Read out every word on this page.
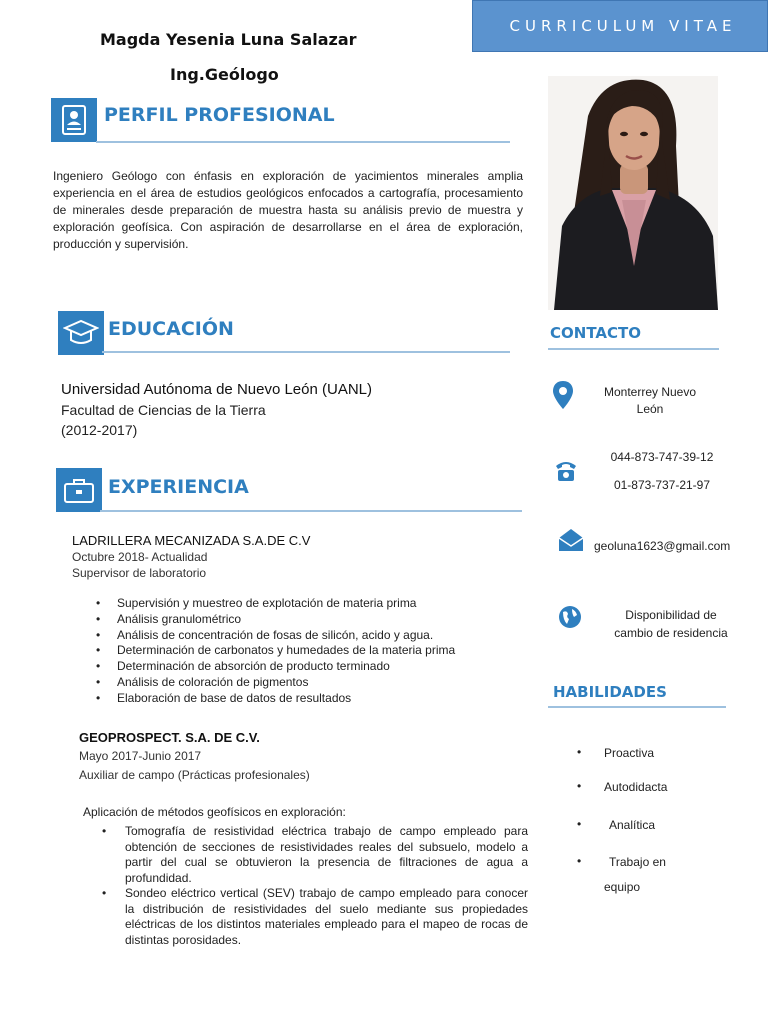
CURRICULUM VITAE
Magda Yesenia Luna Salazar
Ing.Geólogo
PERFIL PROFESIONAL
Ingeniero Geólogo con énfasis en exploración de yacimientos minerales amplia experiencia en el área de estudios geológicos enfocados a cartografía, procesamiento de minerales desde preparación de muestra hasta su análisis previo de muestra y exploración geofísica. Con aspiración de desarrollarse en el área de exploración, producción y supervisión.
EDUCACIÓN
Universidad Autónoma de Nuevo León (UANL)
Facultad de Ciencias de la Tierra
(2012-2017)
EXPERIENCIA
LADRILLERA MECANIZADA S.A.DE C.V
Octubre 2018- Actualidad
Supervisor de laboratorio
• Supervisión y muestreo de explotación de materia prima
• Análisis granulométrico
• Análisis de concentración de fosas de silicón, acido y agua.
• Determinación de carbonatos y humedades de la materia prima
• Determinación de absorción de producto terminado
• Análisis de coloración de pigmentos
• Elaboración de base de datos de resultados
GEOPROSPECT. S.A. DE C.V.
Mayo 2017-Junio 2017
Auxiliar de campo (Prácticas profesionales)
Aplicación de métodos geofísicos en exploración:
• Tomografía de resistividad eléctrica trabajo de campo empleado para obtención de secciones de resistividades reales del subsuelo, modelo a partir del cual se obtuvieron la presencia de filtraciones de agua a profundidad.
• Sondeo eléctrico vertical (SEV) trabajo de campo empleado para conocer la distribución de resistividades del suelo mediante sus propiedades eléctricas de los distintos materiales empleado para el mapeo de rocas de distintas porosidades.
CONTACTO
Monterrey Nuevo
León
044-873-747-39-12
01-873-737-21-97
geoluna1623@gmail.com
Disponibilidad de
cambio de residencia
HABILIDADES
• Proactiva
• Autodidacta
• Analítica
• Trabajo en
equipo
